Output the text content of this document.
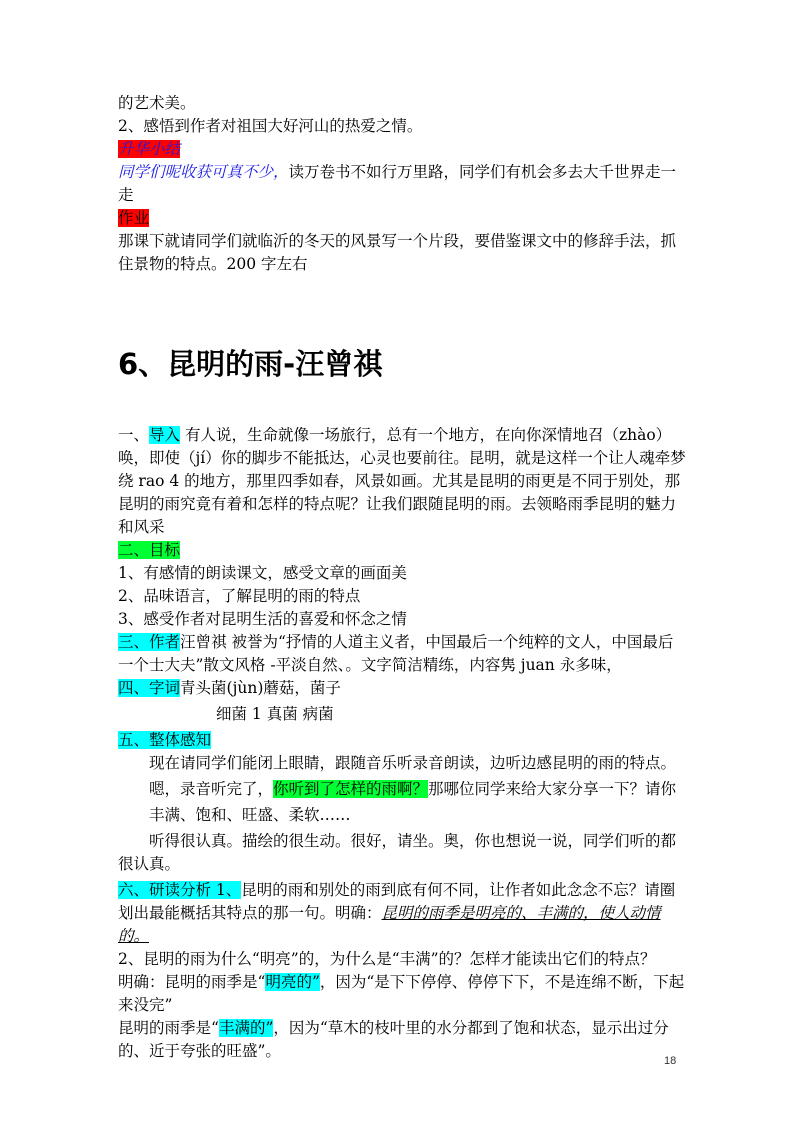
的艺术美。

2、感悟到作者对祖国大好河山的热爱之情。

升华小结

同学们呢收获可真不少，读万卷书不如行万里路，同学们有机会多去大千世界走一走

作业

那课下就请同学们就临沂的冬天的风景写一个片段，要借鉴课文中的修辞手法，抓住景物的特点。200 字左右

6、昆明的雨-汪曾祺

一、导入 有人说，生命就像一场旅行，总有一个地方，在向你深情地召（zhào）唤，即使（jí）你的脚步不能抵达，心灵也要前往。昆明，就是这样一个让人魂牵梦绕 rao 4 的地方，那里四季如春，风景如画。尤其是昆明的雨更是不同于别处，那昆明的雨究竟有着和怎样的特点呢？让我们跟随昆明的雨。去领略雨季昆明的魅力和风采

二、目标

1、有感情的朗读课文，感受文章的画面美

2、品味语言，了解昆明的雨的特点

3、感受作者对昆明生活的喜爱和怀念之情

三、作者汪曾祺 被誉为“抒情的人道主义者，中国最后一个纯粹的文人，中国最后一个士大夫”散文风格 -平淡自然、。文字简洁精练，内容隽 juan 永多味，

四、字词青头菌(jùn)蘑菇，菌子

细菌 1 真菌 病菌

五、整体感知

现在请同学们能闭上眼睛，跟随音乐听录音朗读，边听边感昆明的雨的特点。

嗯，录音听完了，你听到了怎样的雨啊？那哪位同学来给大家分享一下？请你

丰满、饱和、旺盛、柔软……

听得很认真。描绘的很生动。很好，请坐。奥，你也想说一说，同学们听的都很认真。

六、研读分析 1、昆明的雨和别处的雨到底有何不同，让作者如此念念不忘？请圈划出最能概括其特点的那一句。明确：昆明的雨季是明亮的、丰满的，使人动情的。

2、昆明的雨为什么“明亮”的，为什么是“丰满”的？怎样才能读出它们的特点？

明确：昆明的雨季是“明亮的”，因为“是下下停停、停停下下，不是连绵不断，下起来没完”

昆明的雨季是“丰满的”，因为“草木的枝叶里的水分都到了饱和状态，显示出过分的、近于夸张的旺盛”。

18
